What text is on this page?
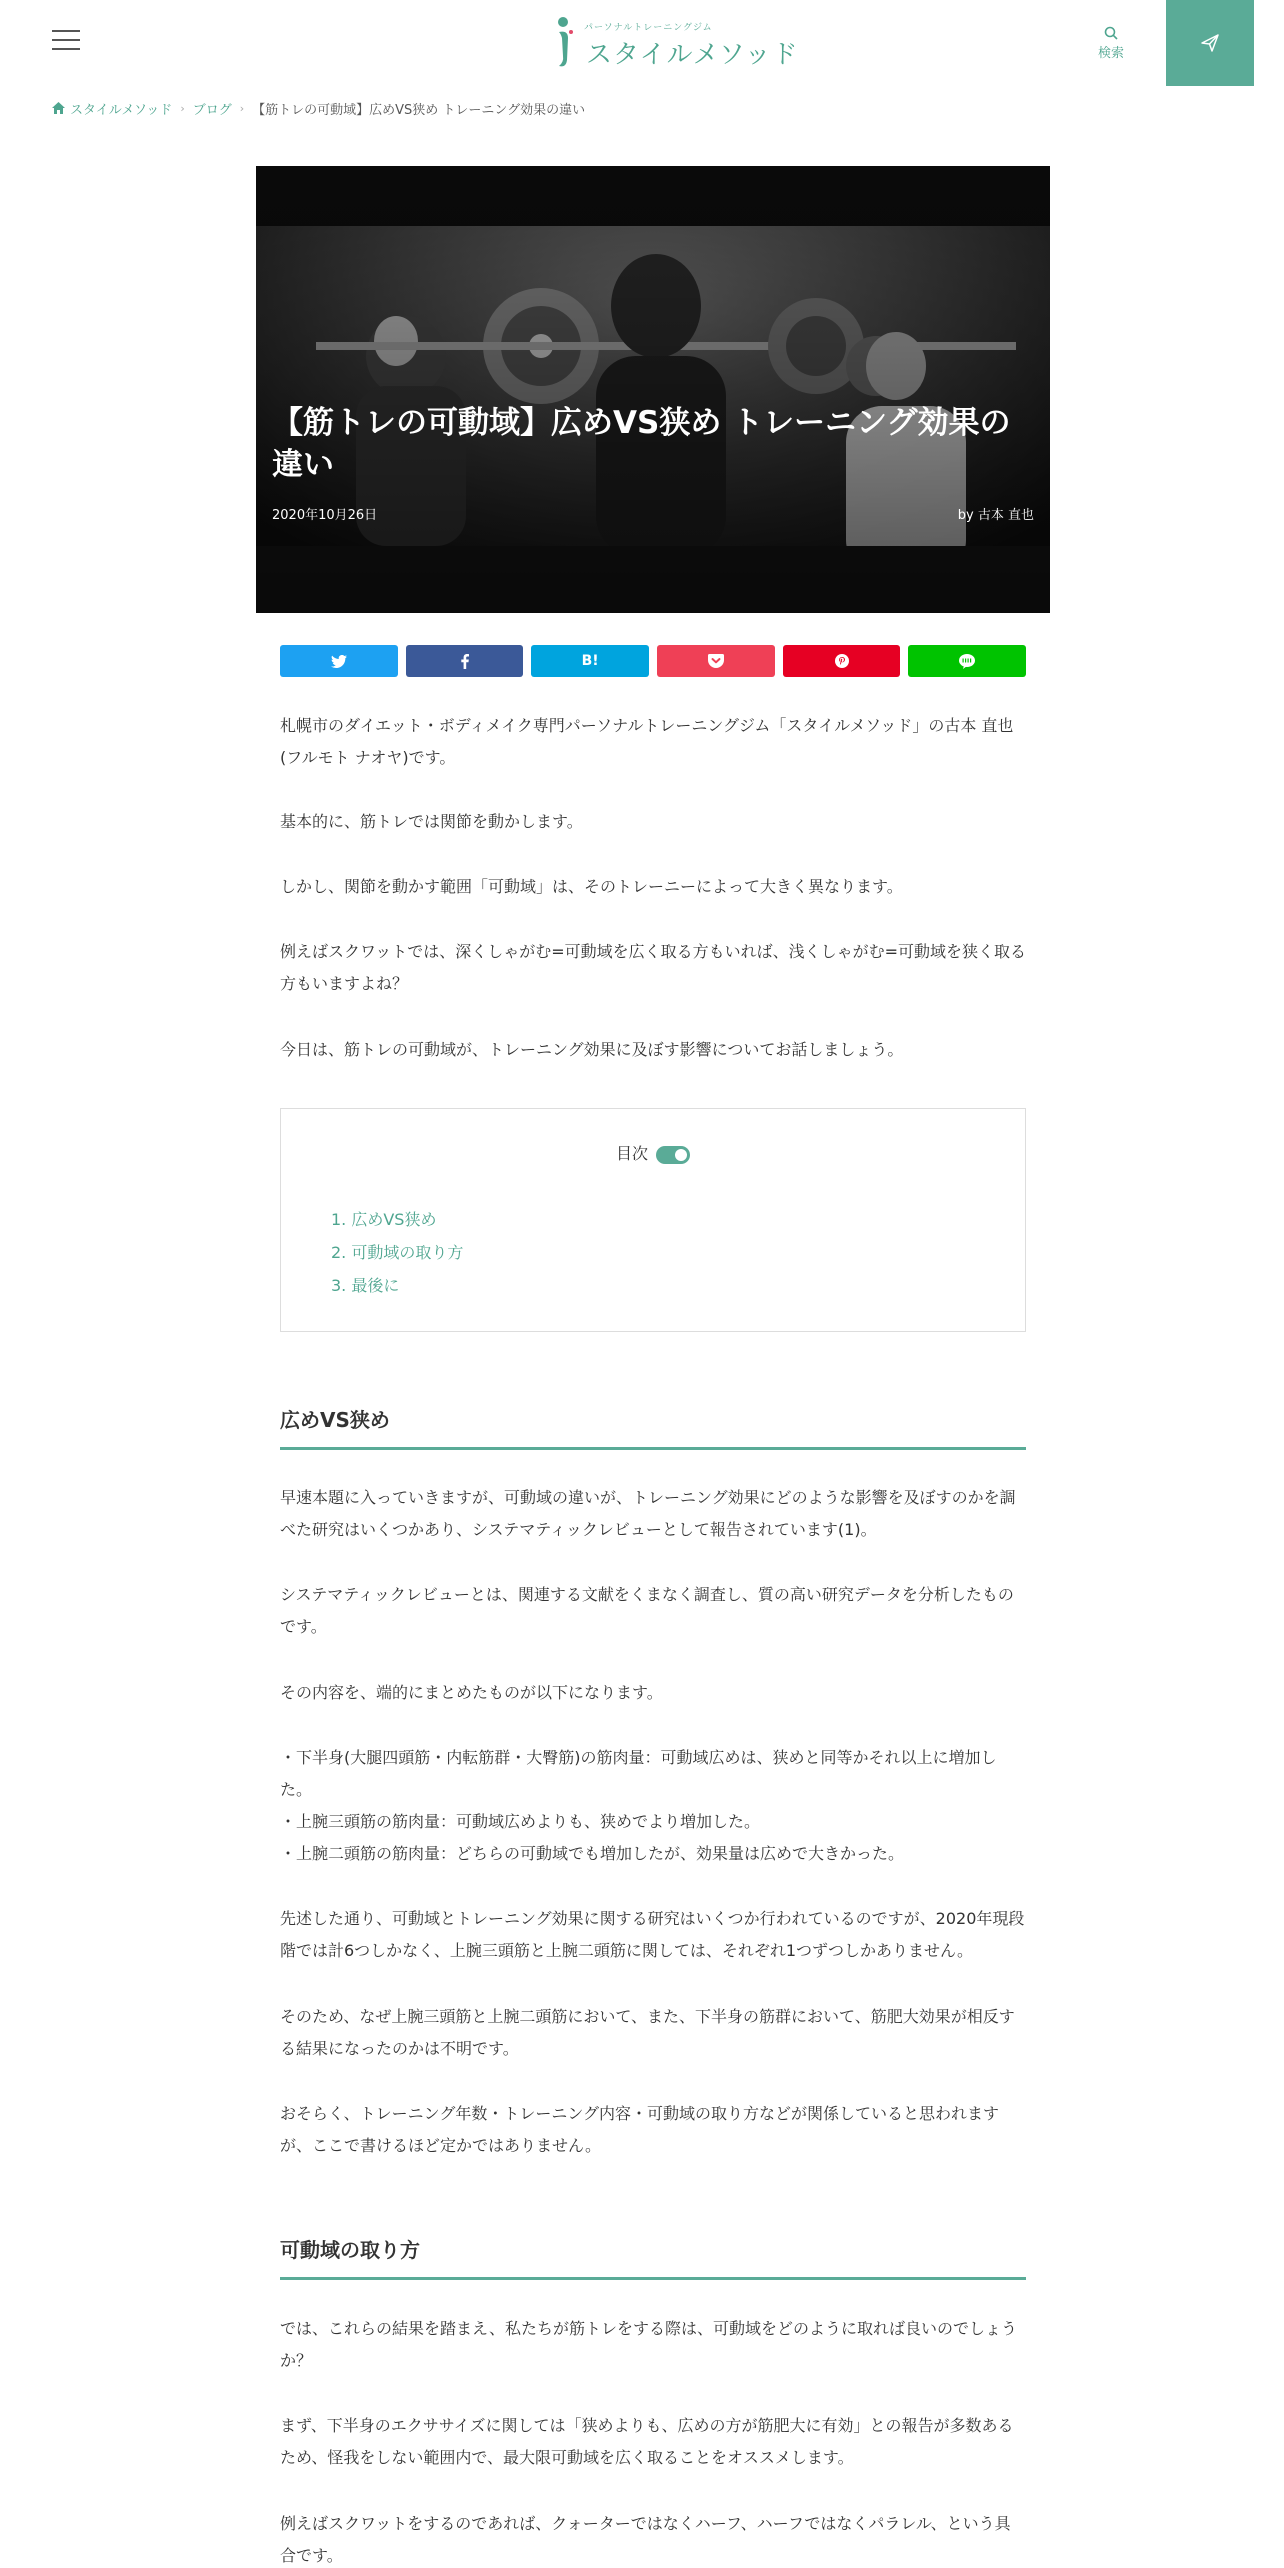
パーソナルトレーニングジム
スタイルメソッド	検索
スタイルメソッド › ブログ › 【筋トレの可動域】広めVS狭め トレーニング効果の違い
【筋トレの可動域】広めVS狭め トレーニング効果の違い
2020年10月26日	by 古本 直也
B!

札幌市のダイエット・ボディメイク専門パーソナルトレーニングジム「スタイルメソッド」の古本 直也(フルモト ナオヤ)です。

基本的に、筋トレでは関節を動かします。

しかし、関節を動かす範囲「可動域」は、そのトレーニーによって大きく異なります。

例えばスクワットでは、深くしゃがむ=可動域を広く取る方もいれば、浅くしゃがむ=可動域を狭く取る方もいますよね？

今日は、筋トレの可動域が、トレーニング効果に及ぼす影響についてお話しましょう。

目次
1. 広めVS狭め
2. 可動域の取り方
3. 最後に
広めVS狭め

早速本題に入っていきますが、可動域の違いが、トレーニング効果にどのような影響を及ぼすのかを調べた研究はいくつかあり、システマティックレビューとして報告されています(1)。

システマティックレビューとは、関連する文献をくまなく調査し、質の高い研究データを分析したものです。

その内容を、端的にまとめたものが以下になります。

・下半身(大腿四頭筋・内転筋群・大臀筋)の筋肉量：可動域広めは、狭めと同等かそれ以上に増加した。

・上腕三頭筋の筋肉量：可動域広めよりも、狭めでより増加した。

・上腕二頭筋の筋肉量：どちらの可動域でも増加したが、効果量は広めで大きかった。

先述した通り、可動域とトレーニング効果に関する研究はいくつか行われているのですが、2020年現段階では計6つしかなく、上腕三頭筋と上腕二頭筋に関しては、それぞれ1つずつしかありません。

そのため、なぜ上腕三頭筋と上腕二頭筋において、また、下半身の筋群において、筋肥大効果が相反する結果になったのかは不明です。

おそらく、トレーニング年数・トレーニング内容・可動域の取り方などが関係していると思われますが、ここで書けるほど定かではありません。

可動域の取り方

では、これらの結果を踏まえ、私たちが筋トレをする際は、可動域をどのように取れば良いのでしょうか？

まず、下半身のエクササイズに関しては「狭めよりも、広めの方が筋肥大に有効」との報告が多数あるため、怪我をしない範囲内で、最大限可動域を広く取ることをオススメします。

例えばスクワットをするのであれば、クォーターではなくハーフ、ハーフではなくパラレル、という具合です。
